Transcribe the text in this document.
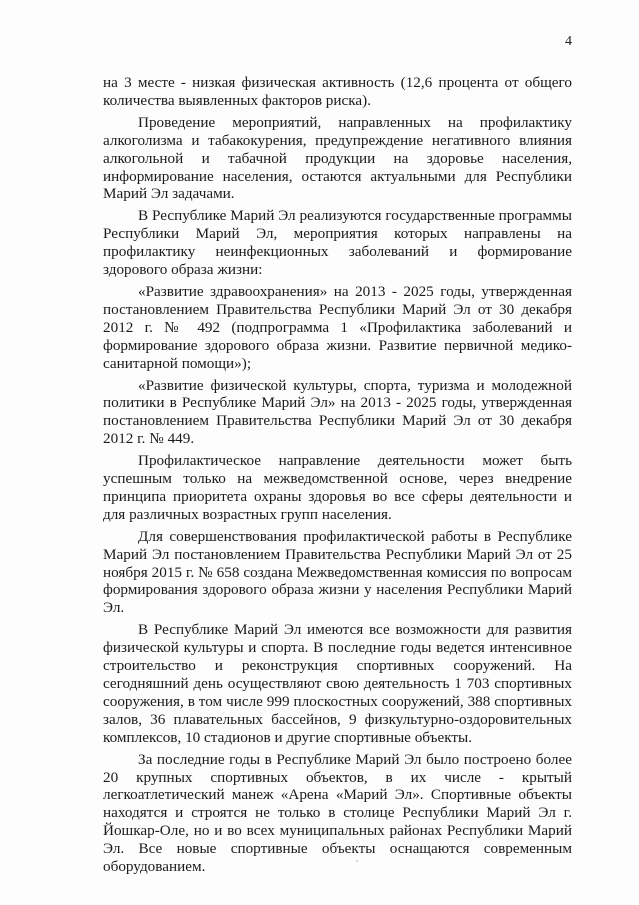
4

на 3 месте - низкая физическая активность (12,6 процента от общего количества выявленных факторов риска).

Проведение мероприятий, направленных на профилактику алкоголизма и табакокурения, предупреждение негативного влияния алкогольной и табачной продукции на здоровье населения, информирование населения, остаются актуальными для Республики Марий Эл задачами.

В Республике Марий Эл реализуются государственные программы Республики Марий Эл, мероприятия которых направлены на профилактику неинфекционных заболеваний и формирование здорового образа жизни:

«Развитие здравоохранения» на 2013 - 2025 годы, утвержденная постановлением Правительства Республики Марий Эл от 30 декабря 2012 г. № 492 (подпрограмма 1 «Профилактика заболеваний и формирование здорового образа жизни. Развитие первичной медико-санитарной помощи»);

«Развитие физической культуры, спорта, туризма и молодежной политики в Республике Марий Эл» на 2013 - 2025 годы, утвержденная постановлением Правительства Республики Марий Эл от 30 декабря 2012 г. № 449.

Профилактическое направление деятельности может быть успешным только на межведомственной основе, через внедрение принципа приоритета охраны здоровья во все сферы деятельности и для различных возрастных групп населения.

Для совершенствования профилактической работы в Республике Марий Эл постановлением Правительства Республики Марий Эл от 25 ноября 2015 г. № 658 создана Межведомственная комиссия по вопросам формирования здорового образа жизни у населения Республики Марий Эл.

В Республике Марий Эл имеются все возможности для развития физической культуры и спорта. В последние годы ведется интенсивное строительство и реконструкция спортивных сооружений. На сегодняшний день осуществляют свою деятельность 1 703 спортивных сооружения, в том числе 999 плоскостных сооружений, 388 спортивных залов, 36 плавательных бассейнов, 9 физкультурно-оздоровительных комплексов, 10 стадионов и другие спортивные объекты.

За последние годы в Республике Марий Эл было построено более 20 крупных спортивных объектов, в их числе - крытый легкоатлетический манеж «Арена «Марий Эл». Спортивные объекты находятся и строятся не только в столице Республики Марий Эл г. Йошкар-Оле, но и во всех муниципальных районах Республики Марий Эл. Все новые спортивные объекты оснащаются современным оборудованием.
